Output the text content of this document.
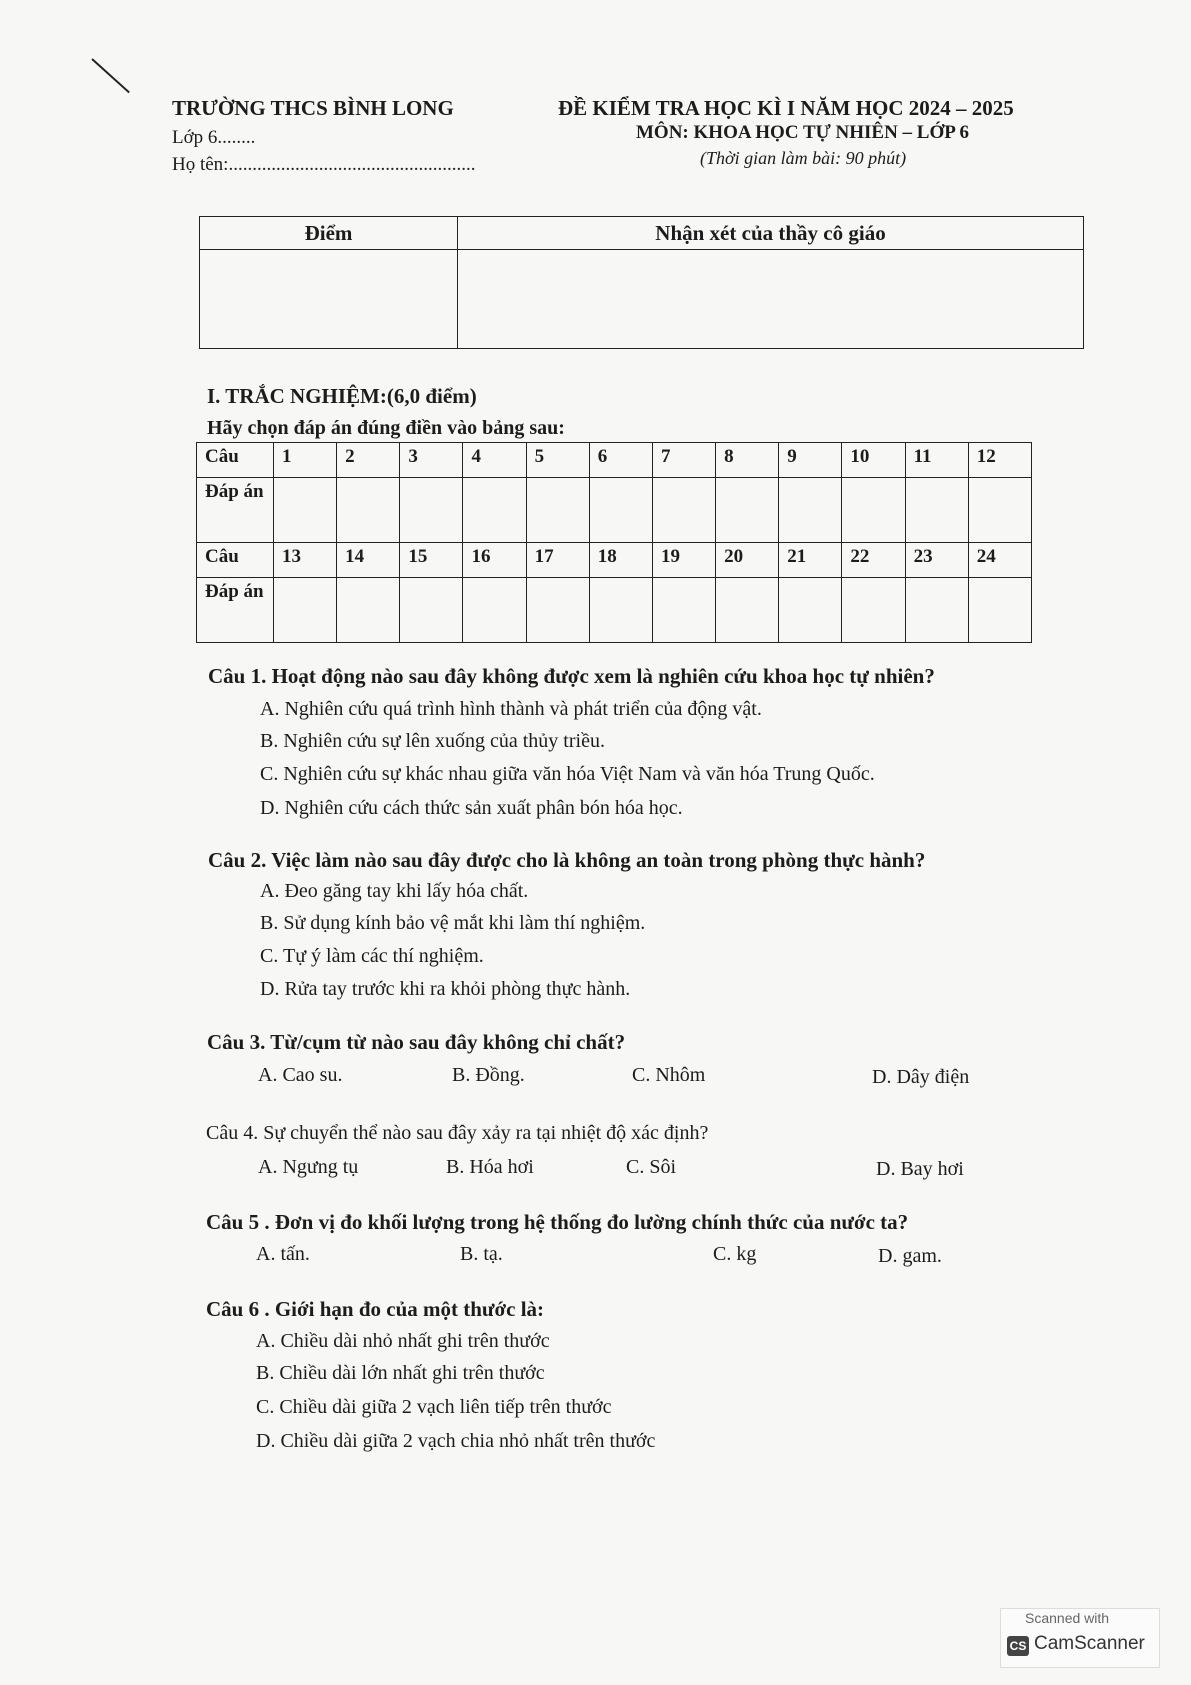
TRƯỜNG THCS BÌNH LONG
Lớp 6........
Họ tên:....................................................
ĐỀ KIỂM TRA HỌC KÌ I NĂM HỌC 2024 – 2025
MÔN: KHOA HỌC TỰ NHIÊN – LỚP 6
(Thời gian làm bài: 90 phút)
Điểm	Nhận xét của thầy cô giáo

I. TRẮC NGHIỆM:(6,0 điểm)
Hãy chọn đáp án đúng điền vào bảng sau:
Câu	1	2	3	4	5	6	7	8	9	10	11	12
Đáp án												
Câu	13	14	15	16	17	18	19	20	21	22	23	24
Đáp án												
Câu 1. Hoạt động nào sau đây không được xem là nghiên cứu khoa học tự nhiên?
A. Nghiên cứu quá trình hình thành và phát triển của động vật.
B. Nghiên cứu sự lên xuống của thủy triều.
C. Nghiên cứu sự khác nhau giữa văn hóa Việt Nam và văn hóa Trung Quốc.
D. Nghiên cứu cách thức sản xuất phân bón hóa học.
Câu 2. Việc làm nào sau đây được cho là không an toàn trong phòng thực hành?
A. Đeo găng tay khi lấy hóa chất.
B. Sử dụng kính bảo vệ mắt khi làm thí nghiệm.
C. Tự ý làm các thí nghiệm.
D. Rửa tay trước khi ra khỏi phòng thực hành.
Câu 3. Từ/cụm từ nào sau đây không chỉ chất?
A. Cao su.	B. Đồng.	C. Nhôm	D. Dây điện
Câu 4. Sự chuyển thể nào sau đây xảy ra tại nhiệt độ xác định?
A. Ngưng tụ	B. Hóa hơi	C. Sôi	D. Bay hơi
Câu 5 . Đơn vị đo khối lượng trong hệ thống đo lường chính thức của nước ta?
A. tấn.	B. tạ.	C. kg	D. gam.
Câu 6 . Giới hạn đo của một thước là:
A. Chiều dài nhỏ nhất ghi trên thước
B. Chiều dài lớn nhất ghi trên thước
C. Chiều dài giữa 2 vạch liên tiếp trên thước
D. Chiều dài giữa 2 vạch chia nhỏ nhất trên thước
Scanned with
CS CamScanner
